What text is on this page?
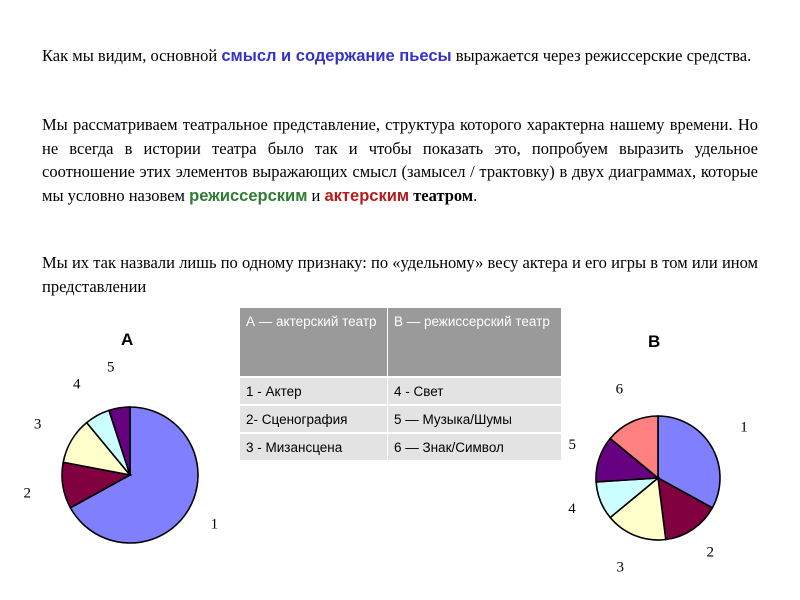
Как мы видим, основной смысл и содержание пьесы выражается через режиссерские средства.

Мы рассматриваем театральное представление, структура которого характерна нашему времени. Но не всегда в истории театра было так и чтобы показать это, попробуем выразить удельное соотношение этих элементов выражающих смысл (замысел / трактовку) в двух диаграммах, которые мы условно назовем режиссерским и актерским театром.

Мы их так назвали лишь по одному признаку: по «удельному» весу актера и его игры в том или ином представлении

A	B
А — актерский театр	В — режиссерский театр
1 - Актер	4 - Свет
2- Сценография	5 — Музыка/Шумы
3 - Мизансцена	6 — Знак/Символ
1
2
3
4
5
1
2
3
4
5
6
